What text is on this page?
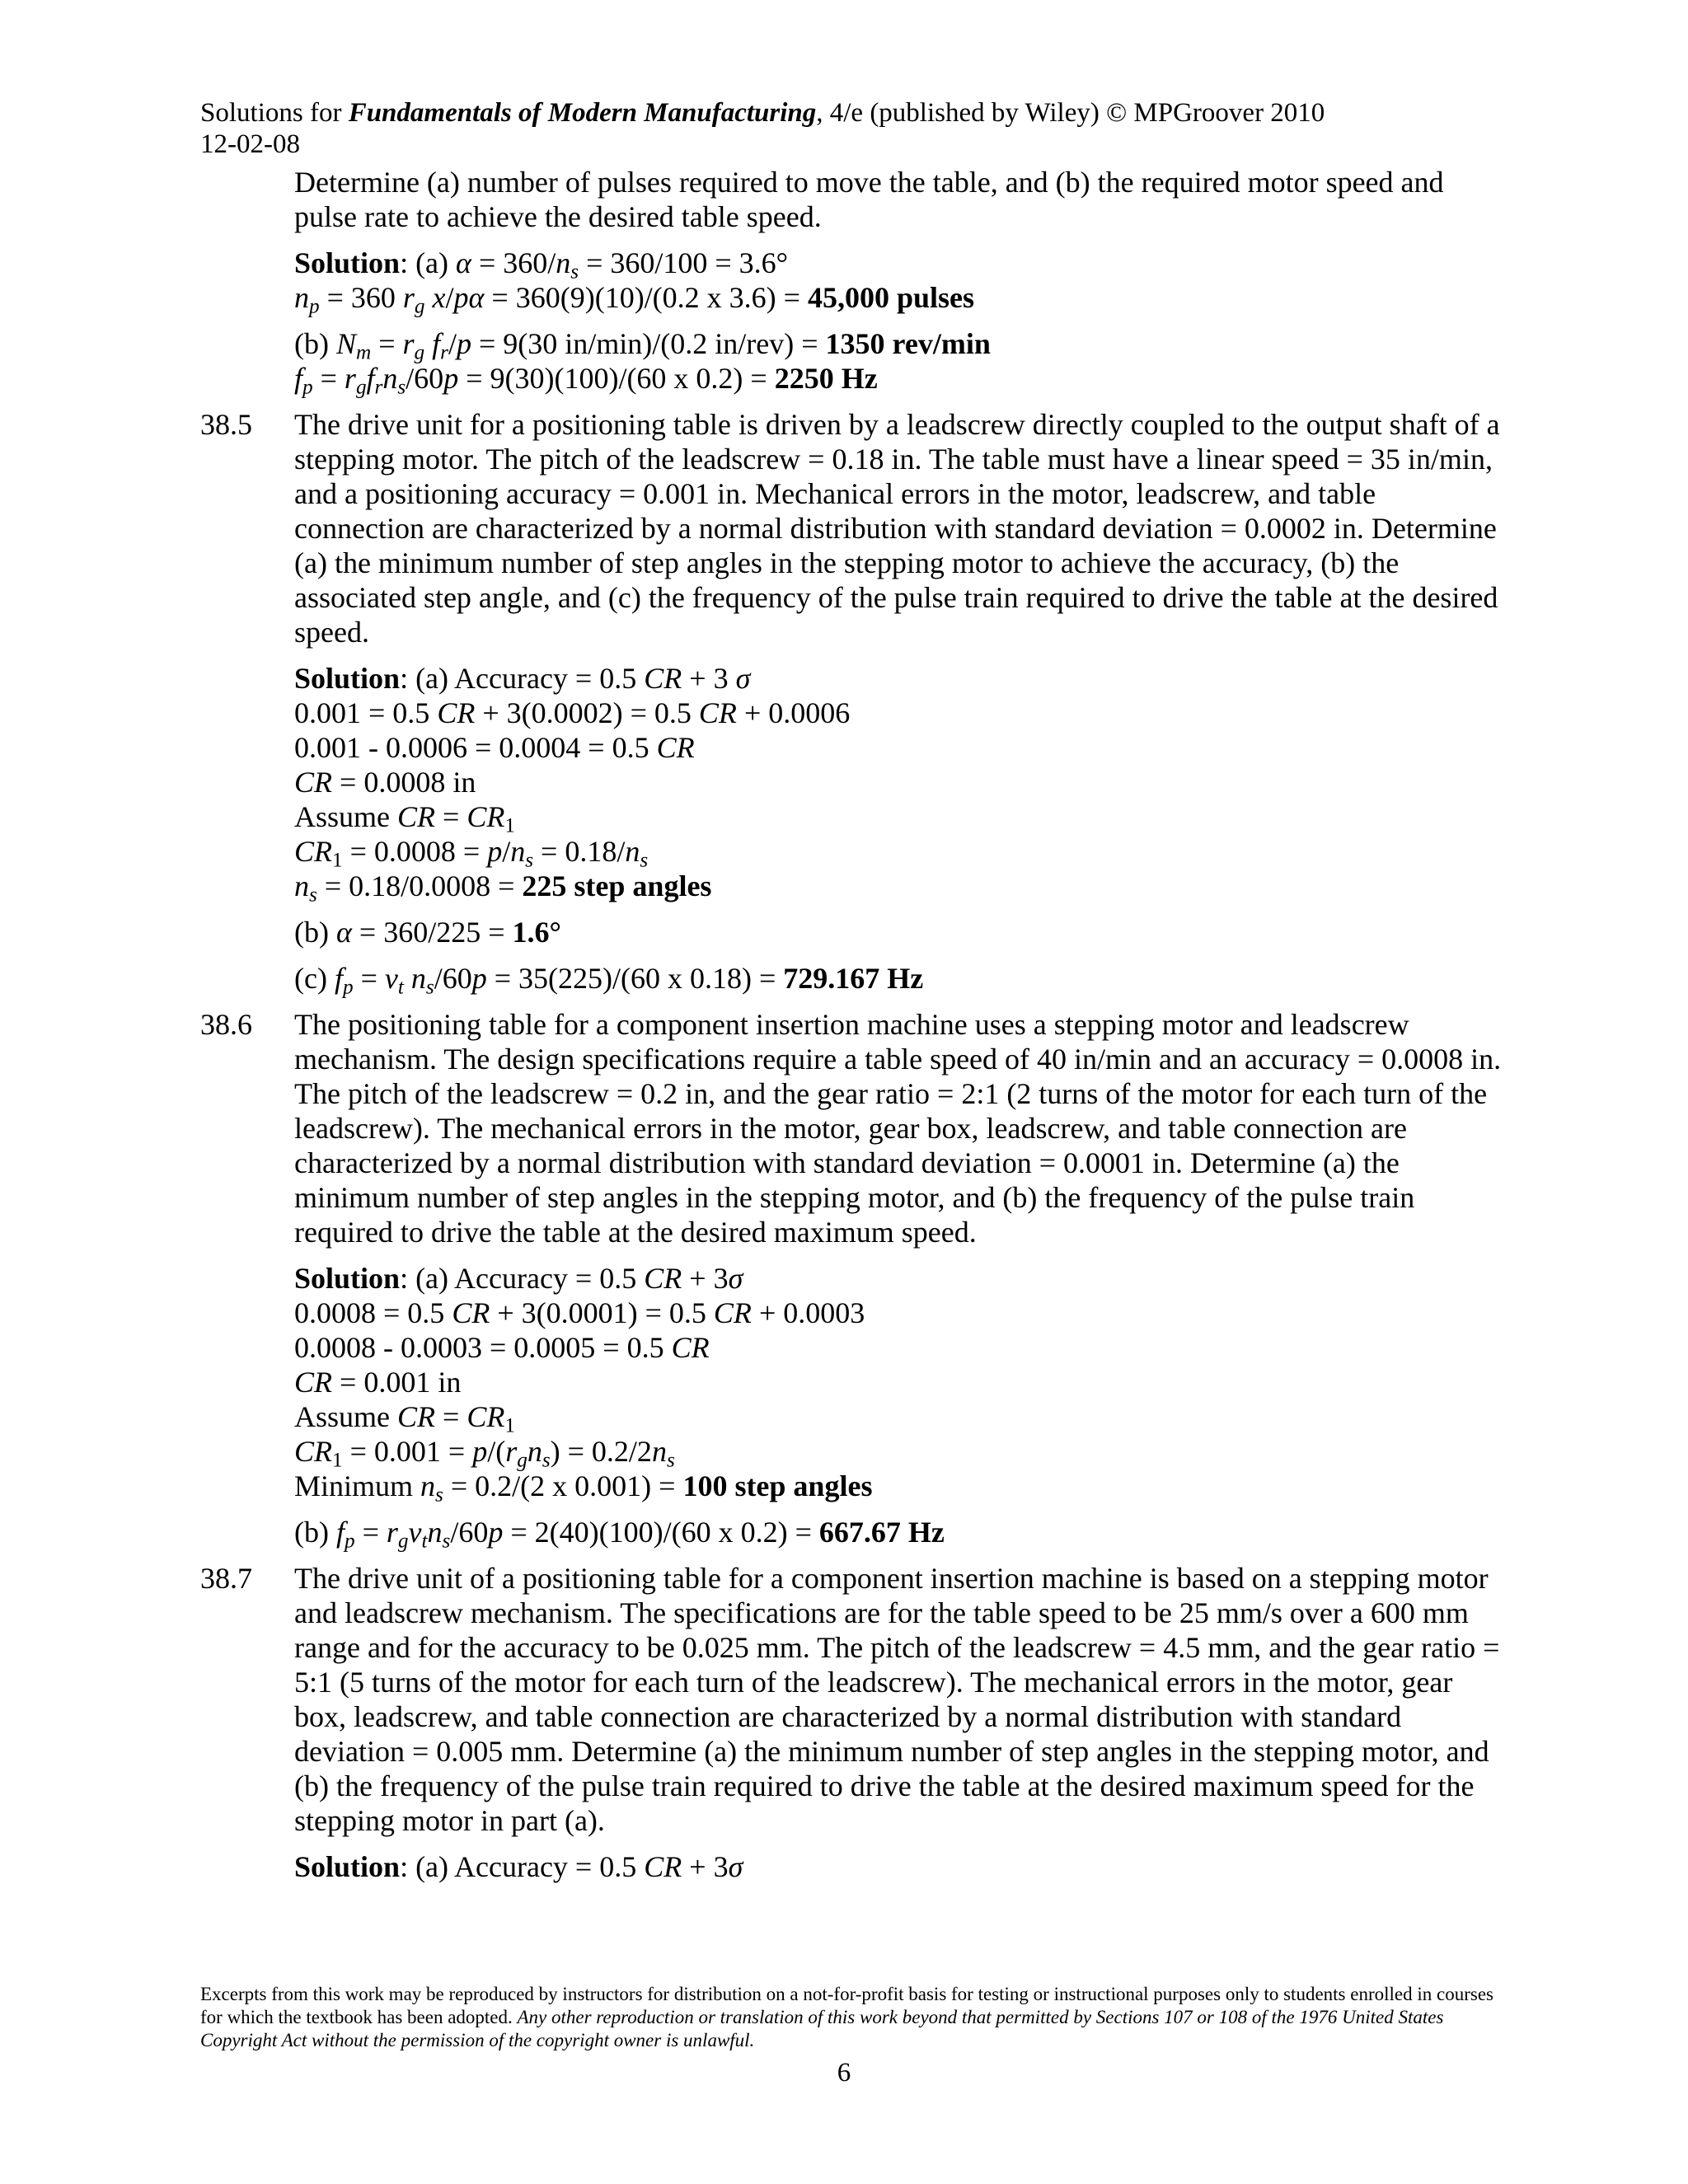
Solutions for Fundamentals of Modern Manufacturing, 4/e (published by Wiley) © MPGroover 2010
12-02-08

Determine (a) number of pulses required to move the table, and (b) the required motor speed and pulse rate to achieve the desired table speed.

Solution: (a) $\alpha = 360/n_s = 360/100 = 3.6^\circ$

$n_p = 360$ $r_g$ x/pα = 360(9)(10)/(0.2 x 3.6) = 45,000 pulses

(b) $N_m = r_g$ $f_r/p = 9(30$ in/min)/(0.2 in/rev) = 1350 rev/min

$f_p = r_gf_rn_s/60p = 9(30)(100)/(60$ x 0.2) = 2250 Hz

38.5	The drive unit for a positioning table is driven by a leadscrew directly coupled to the output shaft of a stepping motor. The pitch of the leadscrew = 0.18 in. The table must have a linear speed = 35 in/min, and a positioning accuracy = 0.001 in. Mechanical errors in the motor, leadscrew, and table connection are characterized by a normal distribution with standard deviation = 0.0002 in. Determine (a) the minimum number of step angles in the stepping motor to achieve the accuracy, (b) the associated step angle, and (c) the frequency of the pulse train required to drive the table at the desired speed.

Solution: (a) Accuracy = 0.5 CR + 3 σ

0.001 = 0.5 CR + 3(0.0002) = 0.5 CR + 0.0006

0.001 - 0.0006 = 0.0004 = 0.5 CR

CR = 0.0008 in

Assume CR = $CR_1$

$CR_1 = 0.0008 = p/n_s = 0.18/n_s$

$n_s = 0.18/0.0008 = 225$ step angles

(b) α = 360/225 = 1.6°

(c) $f_p = v_t$ $n_s/60p = 35(225)/(60$ x 0.18) = 729.167 Hz

38.6	The positioning table for a component insertion machine uses a stepping motor and leadscrew mechanism. The design specifications require a table speed of 40 in/min and an accuracy = 0.0008 in. The pitch of the leadscrew = 0.2 in, and the gear ratio = 2:1 (2 turns of the motor for each turn of the leadscrew). The mechanical errors in the motor, gear box, leadscrew, and table connection are characterized by a normal distribution with standard deviation = 0.0001 in. Determine (a) the minimum number of step angles in the stepping motor, and (b) the frequency of the pulse train required to drive the table at the desired maximum speed.

Solution: (a) Accuracy = 0.5 CR + 3σ

0.0008 = 0.5 CR + 3(0.0001) = 0.5 CR + 0.0003

0.0008 - 0.0003 = 0.0005 = 0.5 CR

CR = 0.001 in

Assume CR = $CR_1$

$CR_1 = 0.001 = p/(r_gn_s) = 0.2/2n_s$

Minimum $n_s = 0.2/(2$ x 0.001) = 100 step angles

(b) $f_p = r_gv_tn_s/60p = 2(40)(100)/(60$ x 0.2) = 667.67 Hz

38.7	The drive unit of a positioning table for a component insertion machine is based on a stepping motor and leadscrew mechanism. The specifications are for the table speed to be 25 mm/s over a 600 mm range and for the accuracy to be 0.025 mm. The pitch of the leadscrew = 4.5 mm, and the gear ratio = 5:1 (5 turns of the motor for each turn of the leadscrew). The mechanical errors in the motor, gear box, leadscrew, and table connection are characterized by a normal distribution with standard deviation = 0.005 mm. Determine (a) the minimum number of step angles in the stepping motor, and (b) the frequency of the pulse train required to drive the table at the desired maximum speed for the stepping motor in part (a).

Solution: (a) Accuracy = 0.5 CR + 3σ

Excerpts from this work may be reproduced by instructors for distribution on a not-for-profit basis for testing or instructional purposes only to students enrolled in courses for which the textbook has been adopted. Any other reproduction or translation of this work beyond that permitted by Sections 107 or 108 of the 1976 United States Copyright Act without the permission of the copyright owner is unlawful.
6
